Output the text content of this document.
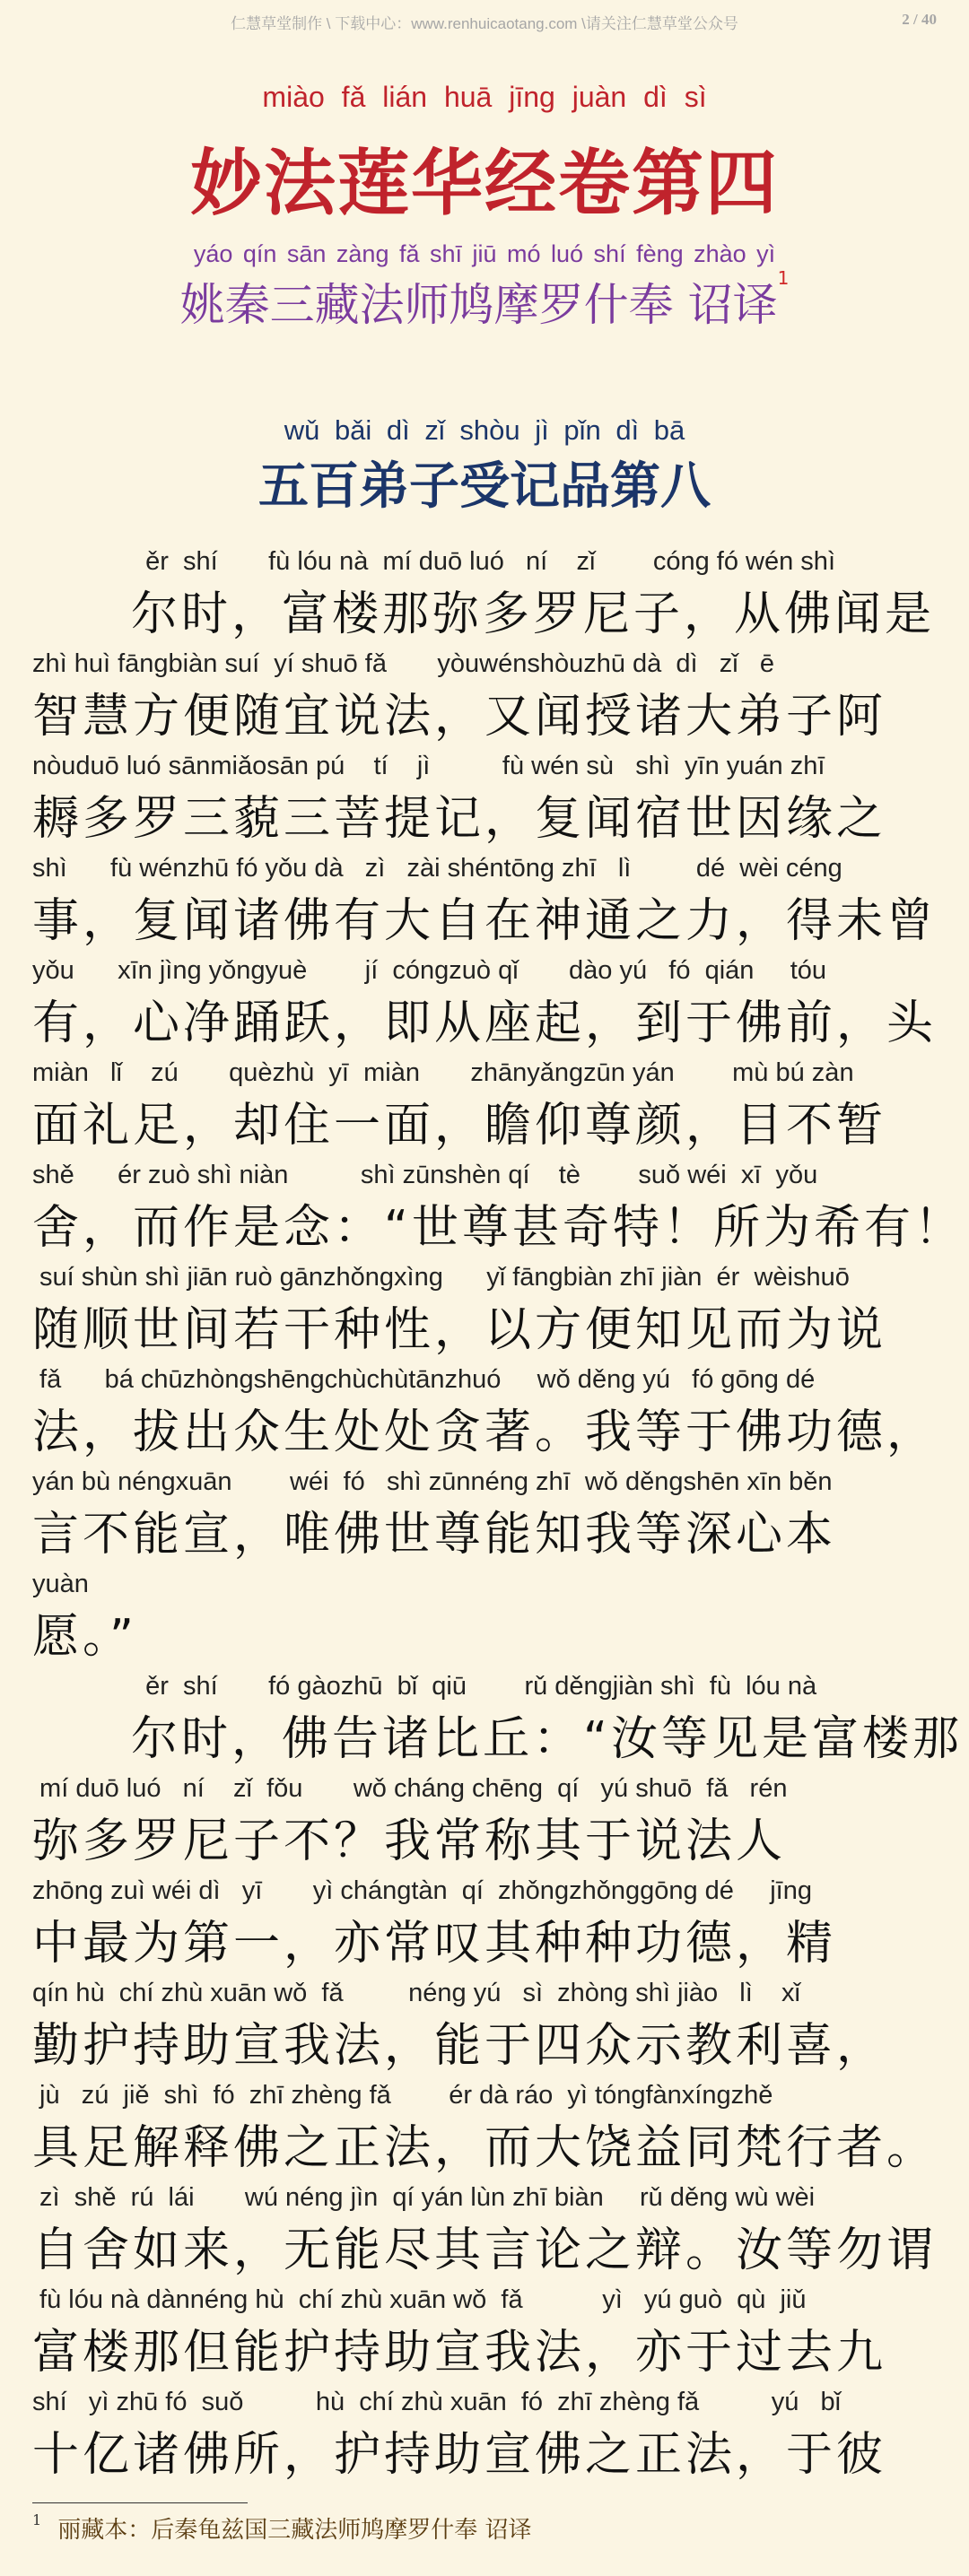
仁慧草堂制作 \ 下载中心：www.renhuicaotang.com \请关注仁慧草堂公众号	2 / 40
miào fǎ lián huā jīng juàn dì sì
妙法莲华经卷第四
yáo qín sān zàng fǎ shī jiū mó luó shí fèng zhào yì
姚秦三藏法师鸠摩罗什奉 诏译$^1$
wǔ bǎi dì zǐ shòu jì pǐn dì bā
五百弟子受记品第八
ěr  shí       fù lóu nà  mí duō luó   ní    zǐ        cóng fó wén shì
尔时，富楼那弥多罗尼子，从佛闻是
zhì huì fāngbiàn suí  yí shuō fǎ       yòuwénshòuzhū dà  dì   zǐ   ē
智慧方便随宜说法，又闻授诸大弟子阿
nòuduō luó sānmiǎosān pú    tí    jì          fù wén sù   shì  yīn yuán zhī
耨多罗三藐三菩提记，复闻宿世因缘之
shì      fù wénzhū fó yǒu dà   zì   zài shéntōng zhī   lì         dé  wèi céng
事，复闻诸佛有大自在神通之力，得未曾
yǒu      xīn jìng yǒngyuè        jí  cóngzuò qǐ       dào yú   fó  qián     tóu
有，心净踊跃，即从座起，到于佛前，头
miàn   lǐ    zú       quèzhù  yī  miàn       zhānyǎngzūn yán        mù bú zàn
面礼足，却住一面，瞻仰尊颜，目不暂
shě      ér zuò shì niàn          shì zūnshèn qí    tè        suǒ wéi  xī  yǒu
舍，而作是念：“世尊甚奇特！所为希有！
suí shùn shì jiān ruò gānzhǒngxìng      yǐ fāngbiàn zhī jiàn  ér  wèishuō
随顺世间若干种性，以方便知见而为说
fǎ      bá chūzhòngshēngchùchùtānzhuó     wǒ děng yú   fó gōng dé
法，拔出众生处处贪著。我等于佛功德，
yán bù néngxuān        wéi  fó   shì zūnnéng zhī  wǒ děngshēn xīn běn
言不能宣，唯佛世尊能知我等深心本
yuàn
愿。”
ěr  shí       fó gàozhū  bǐ  qiū        rǔ děngjiàn shì  fù  lóu nà
尔时，佛告诸比丘：“汝等见是富楼那
mí duō luó   ní    zǐ  fǒu       wǒ cháng chēng  qí   yú shuō  fǎ   rén
弥多罗尼子不？我常称其于说法人
zhōng zuì wéi dì   yī       yì chángtàn  qí  zhǒngzhǒnggōng dé     jīng
中最为第一，亦常叹其种种功德，精
qín hù  chí zhù xuān wǒ  fǎ         néng yú   sì  zhòng shì jiào   lì    xǐ
勤护持助宣我法，能于四众示教利喜，
jù   zú  jiě  shì  fó  zhī zhèng fǎ        ér dà ráo  yì tóngfànxíngzhě
具足解释佛之正法，而大饶益同梵行者。
zì  shě  rú  lái       wú néng jìn  qí yán lùn zhī biàn     rǔ děng wù wèi
自舍如来，无能尽其言论之辩。汝等勿谓
fù lóu nà dànnéng hù  chí zhù xuān wǒ  fǎ           yì   yú guò  qù  jiǔ
富楼那但能护持助宣我法，亦于过去九
shí   yì zhū fó  suǒ          hù  chí zhù xuān  fó  zhī zhèng fǎ          yú   bǐ
十亿诸佛所，护持助宣佛之正法，于彼
$^1$ 丽藏本：后秦龟兹国三藏法师鸠摩罗什奉 诏译
